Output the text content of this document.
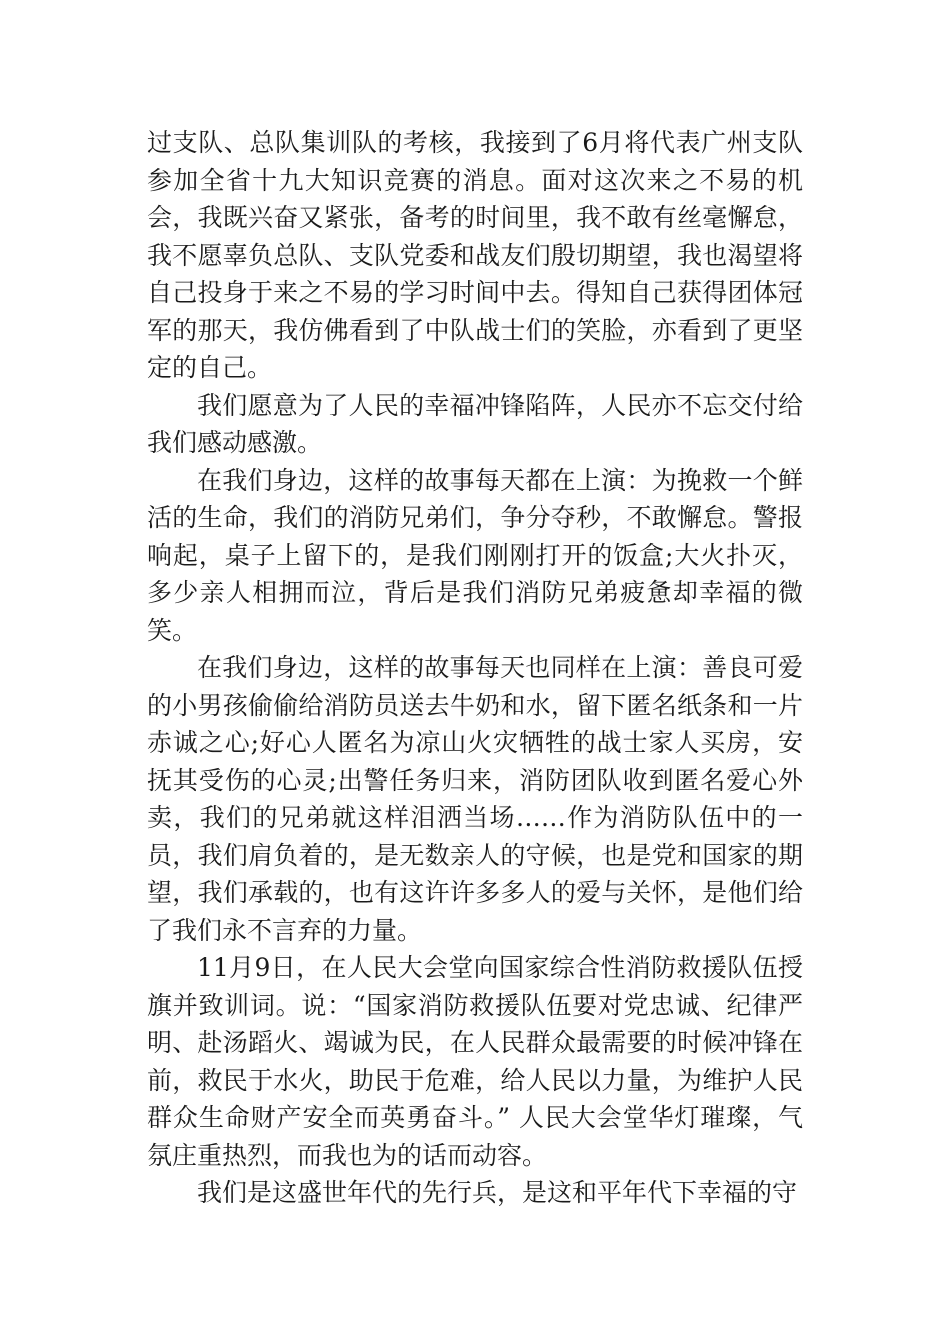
过支队、总队集训队的考核，我接到了6月将代表广州支队参加全省十九大知识竞赛的消息。面对这次来之不易的机会，我既兴奋又紧张，备考的时间里，我不敢有丝毫懈怠，我不愿辜负总队、支队党委和战友们殷切期望，我也渴望将自己投身于来之不易的学习时间中去。得知自己获得团体冠军的那天，我仿佛看到了中队战士们的笑脸，亦看到了更坚定的自己。

我们愿意为了人民的幸福冲锋陷阵，人民亦不忘交付给我们感动感激。

在我们身边，这样的故事每天都在上演：为挽救一个鲜活的生命，我们的消防兄弟们，争分夺秒，不敢懈怠。警报响起，桌子上留下的，是我们刚刚打开的饭盒;大火扑灭，多少亲人相拥而泣，背后是我们消防兄弟疲惫却幸福的微笑。

在我们身边，这样的故事每天也同样在上演：善良可爱的小男孩偷偷给消防员送去牛奶和水，留下匿名纸条和一片赤诚之心;好心人匿名为凉山火灾牺牲的战士家人买房，安抚其受伤的心灵;出警任务归来，消防团队收到匿名爱心外卖，我们的兄弟就这样泪洒当场……作为消防队伍中的一员，我们肩负着的，是无数亲人的守候，也是党和国家的期望，我们承载的，也有这许许多多人的爱与关怀，是他们给了我们永不言弃的力量。

11月9日，在人民大会堂向国家综合性消防救援队伍授旗并致训词。说：“国家消防救援队伍要对党忠诚、纪律严明、赴汤蹈火、竭诚为民，在人民群众最需要的时候冲锋在前，救民于水火，助民于危难，给人民以力量，为维护人民群众生命财产安全而英勇奋斗。” 人民大会堂华灯璀璨，气氛庄重热烈，而我也为的话而动容。

我们是这盛世年代的先行兵，是这和平年代下幸福的守
